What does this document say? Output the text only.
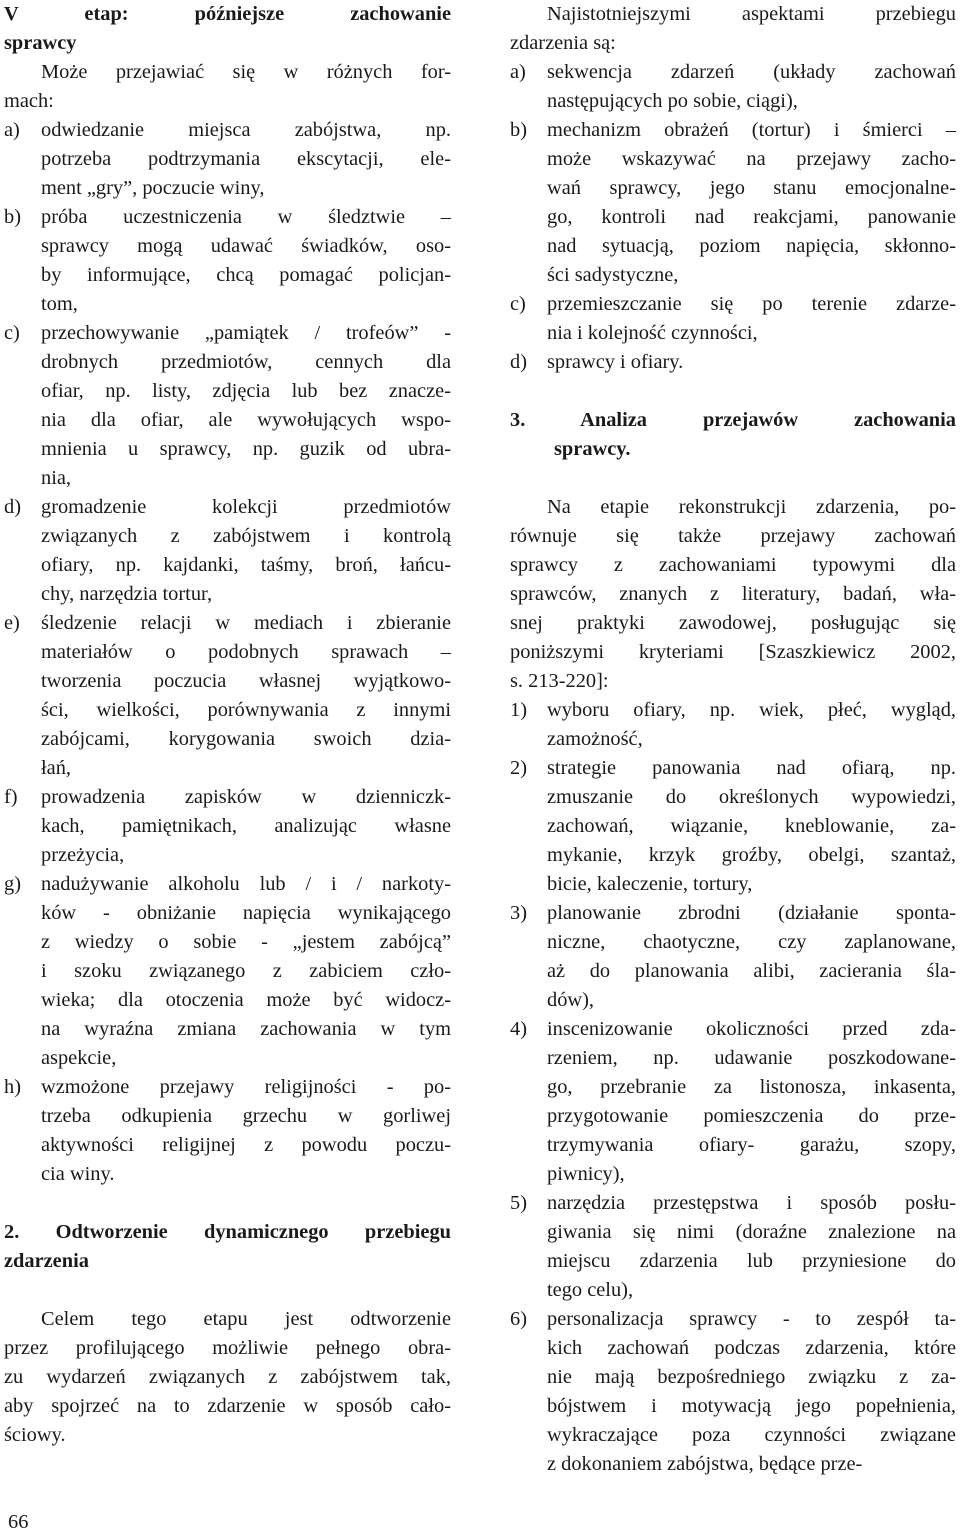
V etap: późniejsze zachowanie
sprawcy
Może przejawiać się w różnych for-
mach:
a)	odwiedzanie miejsca zabójstwa, np.
potrzeba podtrzymania ekscytacji, ele-
ment „gry”, poczucie winy,
b) próba uczestniczenia w śledztwie –
sprawcy mogą udawać świadków, oso-
by informujące, chcą pomagać policjan-
tom,
c)	przechowywanie „pamiątek / trofeów” -
drobnych przedmiotów, cennych dla
ofiar, np. listy, zdjęcia lub bez znacze-
nia dla ofiar, ale wywołujących wspo-
mnienia u sprawcy, np. guzik od ubra-
nia,
d) gromadzenie kolekcji przedmiotów
związanych z zabójstwem i kontrolą
ofiary, np. kajdanki, taśmy, broń, łańcu-
chy, narzędzia tortur,
e)	śledzenie relacji w mediach i zbieranie
materiałów o podobnych sprawach –
tworzenia poczucia własnej wyjątkowo-
ści, wielkości, porównywania z innymi
zabójcami, korygowania swoich dzia-
łań,
f)	prowadzenia zapisków w dzienniczk-
kach, pamiętnikach, analizując własne
przeżycia,
g) nadużywanie alkoholu lub / i / narkoty-
ków - obniżanie napięcia wynikającego
z wiedzy o sobie - „jestem zabójcą”
i szoku związanego z zabiciem czło-
wieka; dla otoczenia może być widocz-
na wyraźna zmiana zachowania w tym
aspekcie,
h) wzmożone przejawy religijności - po-
trzeba odkupienia grzechu w gorliwej
aktywności religijnej z powodu poczu-
cia winy.
2. Odtworzenie dynamicznego przebiegu
zdarzenia
Celem tego etapu jest odtworzenie
przez profilującego możliwie pełnego obra-
zu wydarzeń związanych z zabójstwem tak,
aby spojrzeć na to zdarzenie w sposób cało-
ściowy.
Najistotniejszymi aspektami przebiegu
zdarzenia są:
a)	sekwencja zdarzeń (układy zachowań
następujących po sobie, ciągi),
b) mechanizm obrażeń (tortur) i śmierci –
może wskazywać na przejawy zacho-
wań sprawcy, jego stanu emocjonalne-
go, kontroli nad reakcjami, panowanie
nad sytuacją, poziom napięcia, skłonno-
ści sadystyczne,
c)	przemieszczanie się po terenie zdarze-
nia i kolejność czynności,
d) sprawcy i ofiary.
3. Analiza przejawów zachowania
sprawcy.
Na etapie rekonstrukcji zdarzenia, po-
równuje się także przejawy zachowań
sprawcy z zachowaniami typowymi dla
sprawców, znanych z literatury, badań, wła-
snej praktyki zawodowej, posługując się
poniższymi kryteriami [Szaszkiewicz 2002,
s. 213-220]:
1) wyboru ofiary, np. wiek, płeć, wygląd,
zamożność,
2) strategie panowania nad ofiarą, np.
zmuszanie do określonych wypowiedzi,
zachowań, wiązanie, kneblowanie, za-
mykanie, krzyk groźby, obelgi, szantaż,
bicie, kaleczenie, tortury,
3) planowanie zbrodni (działanie sponta-
niczne, chaotyczne, czy zaplanowane,
aż do planowania alibi, zacierania śla-
dów),
4) inscenizowanie okoliczności przed zda-
rzeniem, np. udawanie poszkodowane-
go, przebranie za listonosza, inkasenta,
przygotowanie pomieszczenia do prze-
trzymywania ofiary- garażu, szopy,
piwnicy),
5) narzędzia przestępstwa i sposób posłu-
giwania się nimi (doraźne znalezione na
miejscu zdarzenia lub przyniesione do
tego celu),
6) personalizacja sprawcy - to zespół ta-
kich zachowań podczas zdarzenia, które
nie mają bezpośredniego związku z za-
bójstwem i motywacją jego popełnienia,
wykraczające poza czynności związane
z dokonaniem zabójstwa, będące prze-
66
